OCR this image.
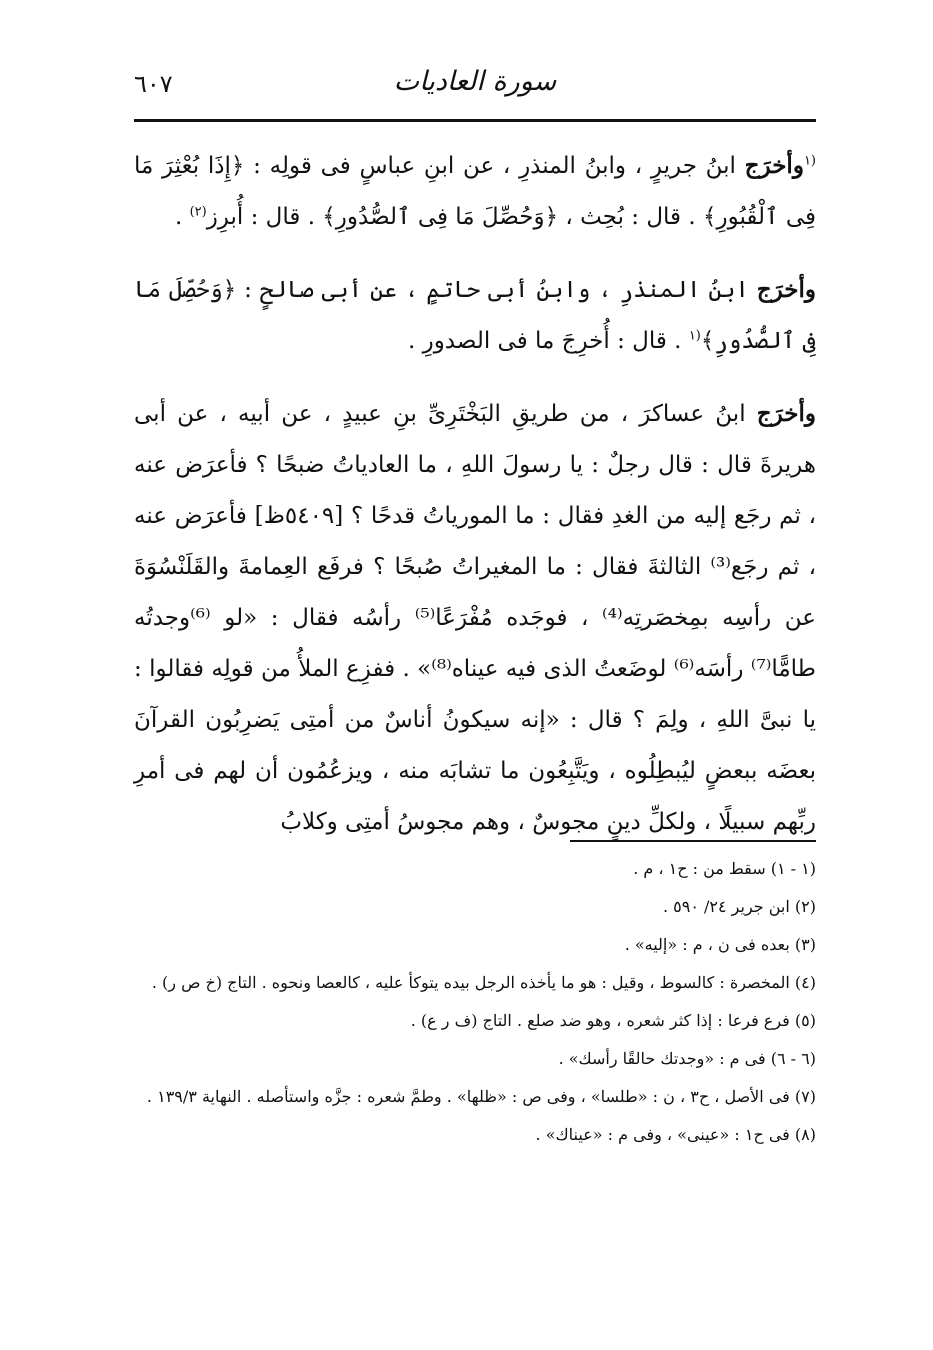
٦٠٧	سورة العاديات

$^{(١}$وأخرَج ابنُ جريرٍ ، وابنُ المنذرِ ، عن ابنِ عباسٍ فى قولِه : ﴿إِذَا بُعْثِرَ مَا فِى ٱلْقُبُورِ﴾ . قال : بُحِث ، ﴿وَحُصِّلَ مَا فِى ٱلصُّدُورِ﴾ . قال : أُبرِز$^{(٢)}$ .

وأخرَج ابنُ المنذرِ ، وابنُ أبى حاتمٍ ، عن أبى صالحٍ : ﴿وَحُصِّلَ مَا فِى ٱلصُّدُورِ﴾$^{(١}$ . قال : أُخرِجَ ما فى الصدورِ .

وأخرَج ابنُ عساكرَ ، من طريقِ البَخْتَرِىِّ بنِ عبيدٍ ، عن أبيه ، عن أبى هريرةَ قال : قال رجلٌ : يا رسولَ اللهِ ، ما العادياتُ ضبحًا ؟ فأعرَض عنه ، ثم رجَع إليه من الغدِ فقال : ما المورياتُ قدحًا ؟ [٥٤٠٩ظ] فأعرَض عنه ، ثم رجَع⁽³⁾ الثالثةَ فقال : ما المغيراتُ صُبحًا ؟ فرفَع العِمامةَ والقَلَنْسُوَةَ عن رأسِه بمِخصَرتِه⁽⁴⁾ ، فوجَده مُفْرَعًا⁽⁵⁾ رأسُه فقال : «لو ⁽⁶⁾وجدتُه طامًّا⁽⁷⁾ رأسَه⁽⁶⁾ لوضَعتُ الذى فيه عيناه⁽⁸⁾» . ففزِع الملأُ من قولِه فقالوا : يا نبىَّ اللهِ ، ولِمَ ؟ قال : «إنه سيكونُ أناسٌ من أمتِى يَضرِبُون القرآنَ بعضَه ببعضٍ ليُبطِلُوه ، ويَتَّبِعُون ما تشابَه منه ، ويزعُمُون أن لهم فى أمرِ ربِّهم سبيلًا ، ولكلِّ دينٍ مجوسٌ ، وهم مجوسُ أمتِى وكلابُ

(١ - ١) سقط من : ح١ ، م .

(٢) ابن جرير ٢٤/ ٥٩٠ .

(٣) بعده فى ن ، م : «إليه» .

(٤) المخصرة : كالسوط ، وقيل : هو ما يأخذه الرجل بيده يتوكأ عليه ، كالعصا ونحوه . التاج (خ ص ر) .

(٥) فرع فرعا : إذا كثر شعره ، وهو ضد صلع . التاج (ف ر ع) .

(٦ - ٦) فى م : «وجدتك حالقًا رأسك» .

(٧) فى الأصل ، ح٣ ، ن : «طلسا» ، وفى ص : «ظلها» . وطمَّ شعره : جزَّه واستأصله . النهاية ١٣٩/٣ .

(٨) فى ح١ : «عينى» ، وفى م : «عيناك» .
